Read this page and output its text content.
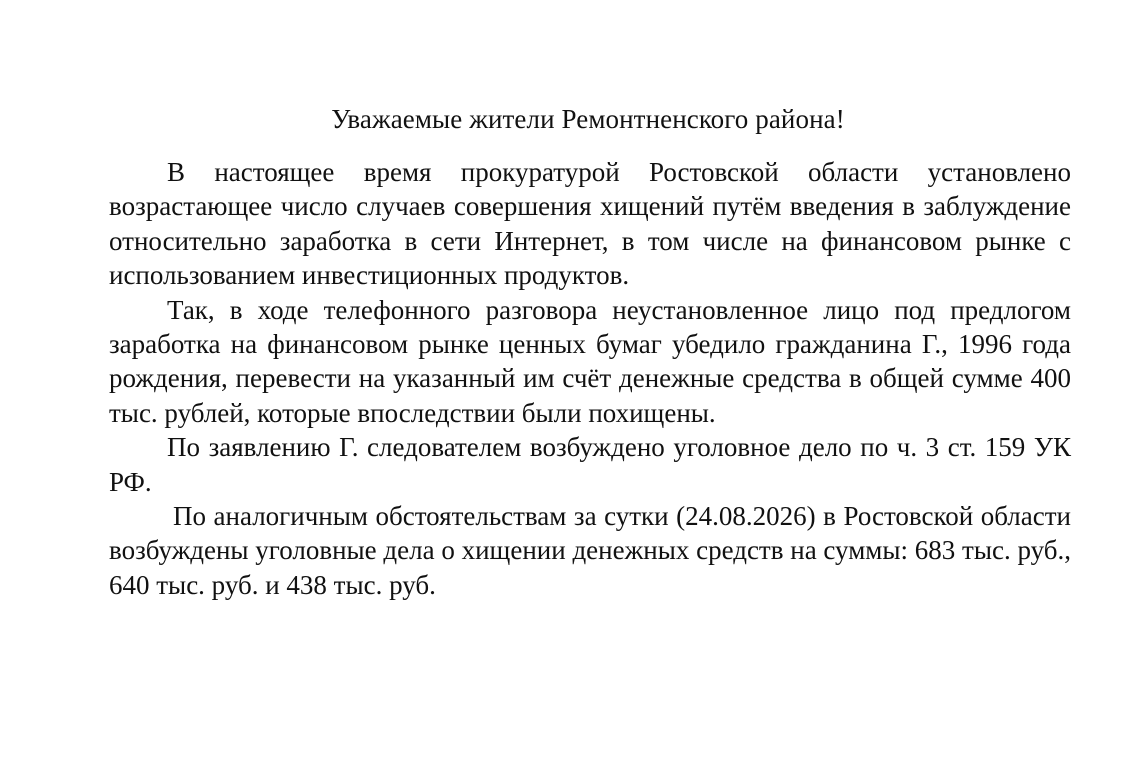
Уважаемые жители Ремонтненского района!

В настоящее время прокуратурой Ростовской области установлено возрастающее число случаев совершения хищений путём введения в заблуждение относительно заработка в сети Интернет, в том числе на финансовом рынке с использованием инвестиционных продуктов.

Так, в ходе телефонного разговора неустановленное лицо под предлогом заработка на финансовом рынке ценных бумаг убедило гражданина Г., 1996 года рождения, перевести на указанный им счёт денежные средства в общей сумме 400 тыс. рублей, которые впоследствии были похищены.

По заявлению Г. следователем возбуждено уголовное дело по ч. 3 ст. 159 УК РФ.

По аналогичным обстоятельствам за сутки (24.08.2026) в Ростовской области возбуждены уголовные дела о хищении денежных средств на суммы: 683 тыс. руб., 640 тыс. руб. и 438 тыс. руб.
